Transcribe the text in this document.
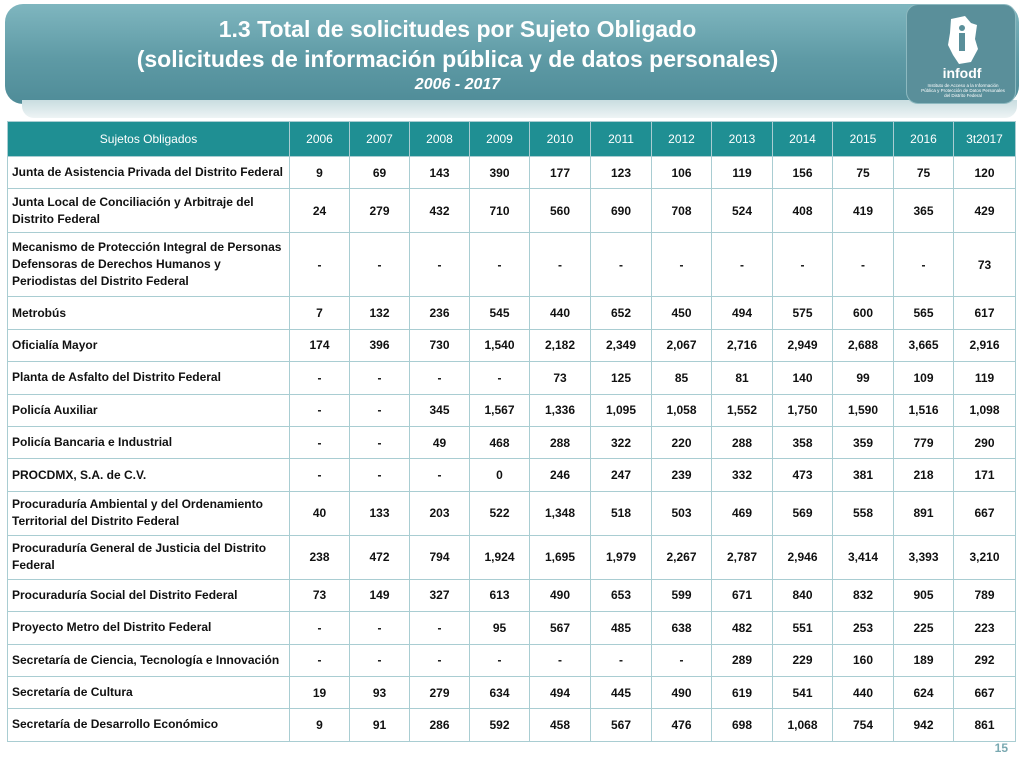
1.3 Total de solicitudes por Sujeto Obligado
(solicitudes de información pública y de datos personales)
2006 - 2017
infodf
Instituto de Acceso a la Información Pública y Protección de Datos Personales del Distrito Federal
Sujetos Obligados	2006	2007	2008	2009	2010	2011	2012	2013	2014	2015	2016	3t2017
Junta de Asistencia Privada del Distrito Federal	9	69	143	390	177	123	106	119	156	75	75	120
Junta Local de Conciliación y Arbitraje del Distrito Federal	24	279	432	710	560	690	708	524	408	419	365	429
Mecanismo de Protección Integral de Personas Defensoras de Derechos Humanos y Periodistas del Distrito Federal	-	-	-	-	-	-	-	-	-	-	-	73
Metrobús	7	132	236	545	440	652	450	494	575	600	565	617
Oficialía Mayor	174	396	730	1,540	2,182	2,349	2,067	2,716	2,949	2,688	3,665	2,916
Planta de Asfalto del Distrito Federal	-	-	-	-	73	125	85	81	140	99	109	119
Policía Auxiliar	-	-	345	1,567	1,336	1,095	1,058	1,552	1,750	1,590	1,516	1,098
Policía Bancaria e Industrial	-	-	49	468	288	322	220	288	358	359	779	290
PROCDMX, S.A. de C.V.	-	-	-	0	246	247	239	332	473	381	218	171
Procuraduría Ambiental y del Ordenamiento Territorial del Distrito Federal	40	133	203	522	1,348	518	503	469	569	558	891	667
Procuraduría General de Justicia del Distrito Federal	238	472	794	1,924	1,695	1,979	2,267	2,787	2,946	3,414	3,393	3,210
Procuraduría Social del Distrito Federal	73	149	327	613	490	653	599	671	840	832	905	789
Proyecto Metro del Distrito Federal	-	-	-	95	567	485	638	482	551	253	225	223
Secretaría de Ciencia, Tecnología e Innovación	-	-	-	-	-	-	-	289	229	160	189	292
Secretaría de Cultura	19	93	279	634	494	445	490	619	541	440	624	667
Secretaría de Desarrollo Económico	9	91	286	592	458	567	476	698	1,068	754	942	861
15
